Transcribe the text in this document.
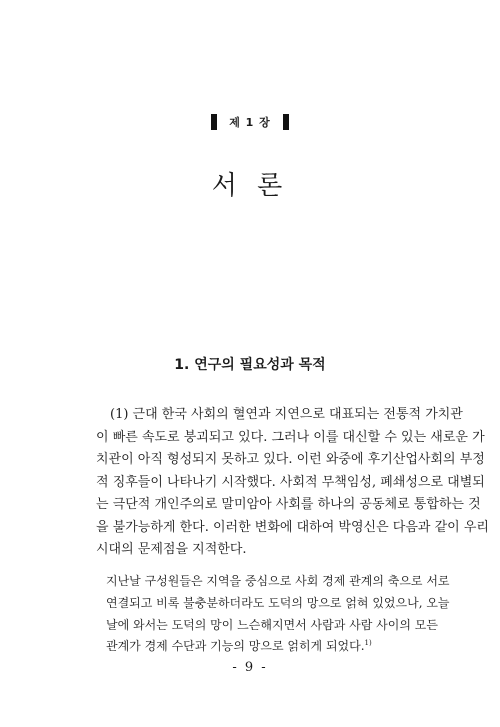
제 1 장
서 론
1. 연구의 필요성과 목적

(1) 근대 한국 사회의 혈연과 지연으로 대표되는 전통적 가치관
이 빠른 속도로 붕괴되고 있다. 그러나 이를 대신할 수 있는 새로운 가
치관이 아직 형성되지 못하고 있다. 이런 와중에 후기산업사회의 부정
적 징후들이 나타나기 시작했다. 사회적 무책임성, 폐쇄성으로 대별되
는 극단적 개인주의로 말미암아 사회를 하나의 공동체로 통합하는 것
을 불가능하게 한다. 이러한 변화에 대하여 박영신은 다음과 같이 우리
시대의 문제점을 지적한다.

지난날 구성원들은 지역을 중심으로 사회 경제 관계의 축으로 서로
연결되고 비록 불충분하더라도 도덕의 망으로 얽혀 있었으나, 오늘
날에 와서는 도덕의 망이 느슨해지면서 사람과 사람 사이의 모든
관계가 경제 수단과 기능의 망으로 얽히게 되었다.$^{1)}$

- 9 -
